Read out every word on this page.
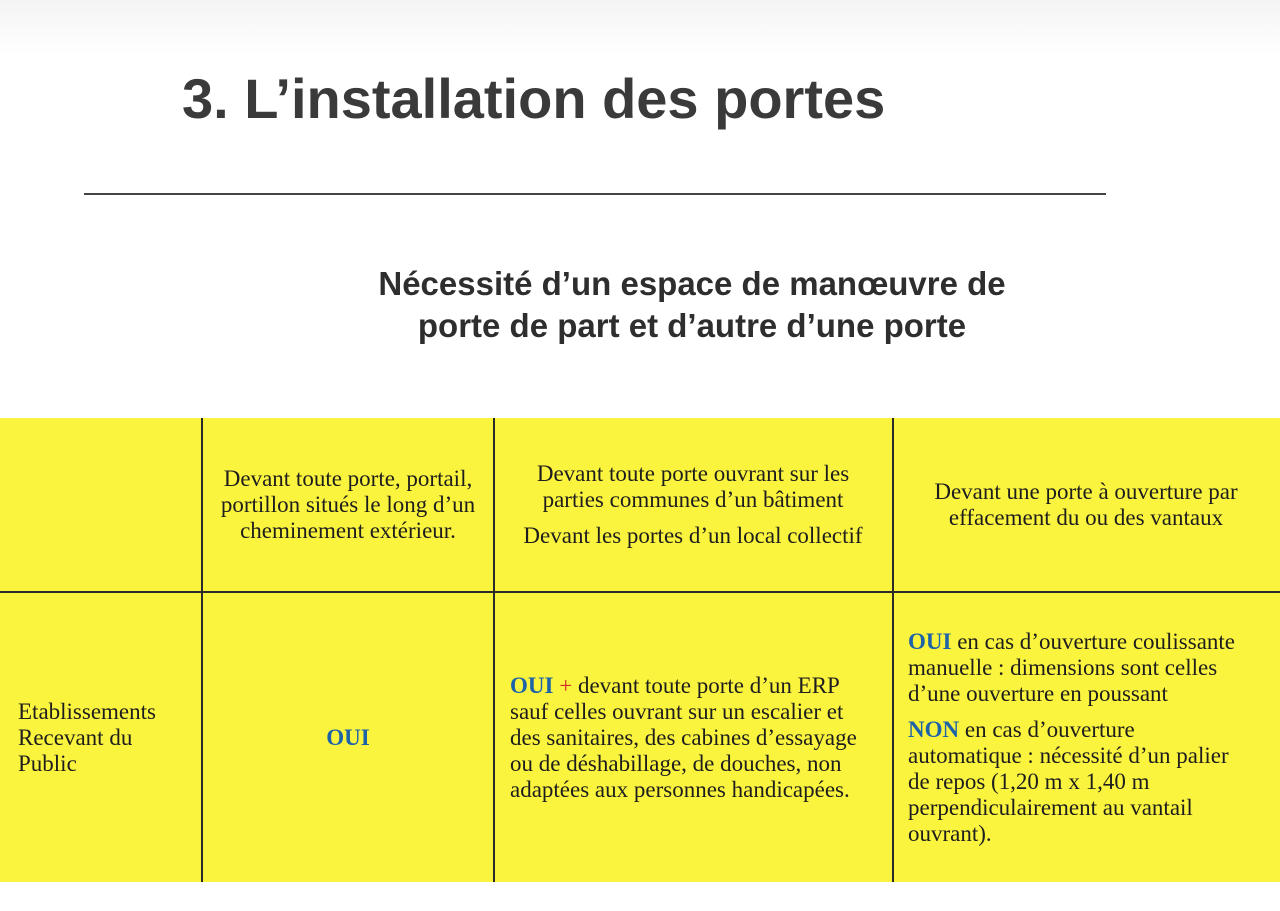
3. L’installation des portes
Nécessité d’un espace de manœuvre de
porte de part et d’autre d’une porte

Devant toute porte, portail, portillon situés le long d’un cheminement extérieur.

Devant toute porte ouvrant sur les parties communes d’un bâtiment

Devant les portes d’un local collectif

Devant une porte à ouverture par effacement du ou des vantaux

Etablissements Recevant du Public

OUI

OUI + devant toute porte d’un ERP sauf celles ouvrant sur un escalier et des sanitaires, des cabines d’essayage ou de déshabillage, de douches, non adaptées aux personnes handicapées.

OUI en cas d’ouverture coulissante manuelle : dimensions sont celles d’une ouverture en poussant

NON en cas d’ouverture automatique : nécessité d’un palier de repos (1,20 m x 1,40 m perpendiculairement au vantail ouvrant).
